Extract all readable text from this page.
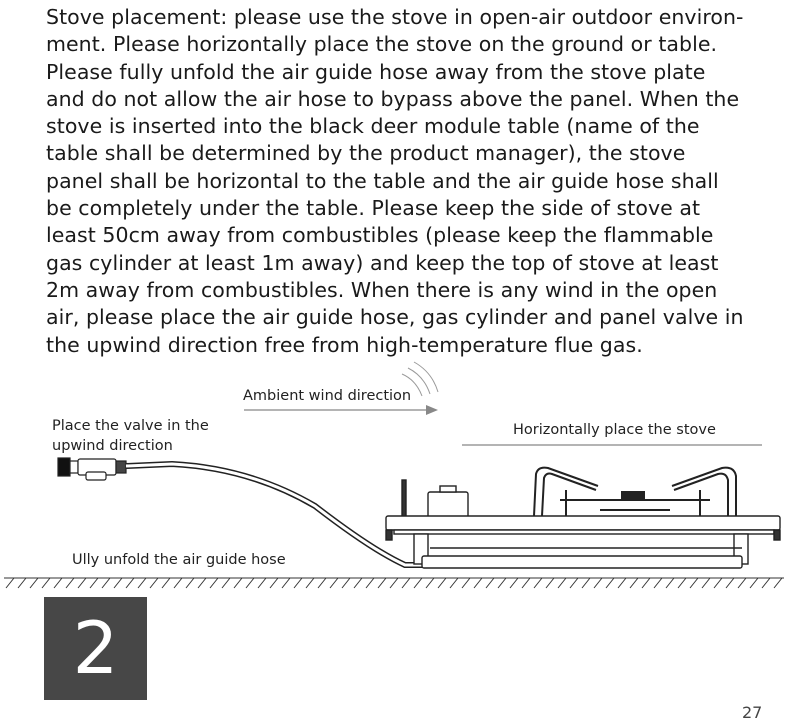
Stove placement: please use the stove in open-air outdoor environ-
ment. Please horizontally place the stove on the ground or table.
Please fully unfold the air guide hose away from the stove plate
and do not allow the air hose to bypass above the panel. When the
stove is inserted into the black deer module table (name of the
table shall be determined by the product manager), the stove
panel shall be horizontal to the table and the air guide hose shall
be completely under the table. Please keep the side of stove at
least 50cm away from combustibles (please keep the flammable
gas cylinder at least 1m away) and keep the top of stove at least
2m away from combustibles. When there is any wind in the open
air, please place the air guide hose, gas cylinder and panel valve in
the upwind direction free from high-temperature flue gas.
Ambient wind direction
Place the valve in the
upwind direction
Horizontally place the stove
Ully unfold the air guide hose
2
27
